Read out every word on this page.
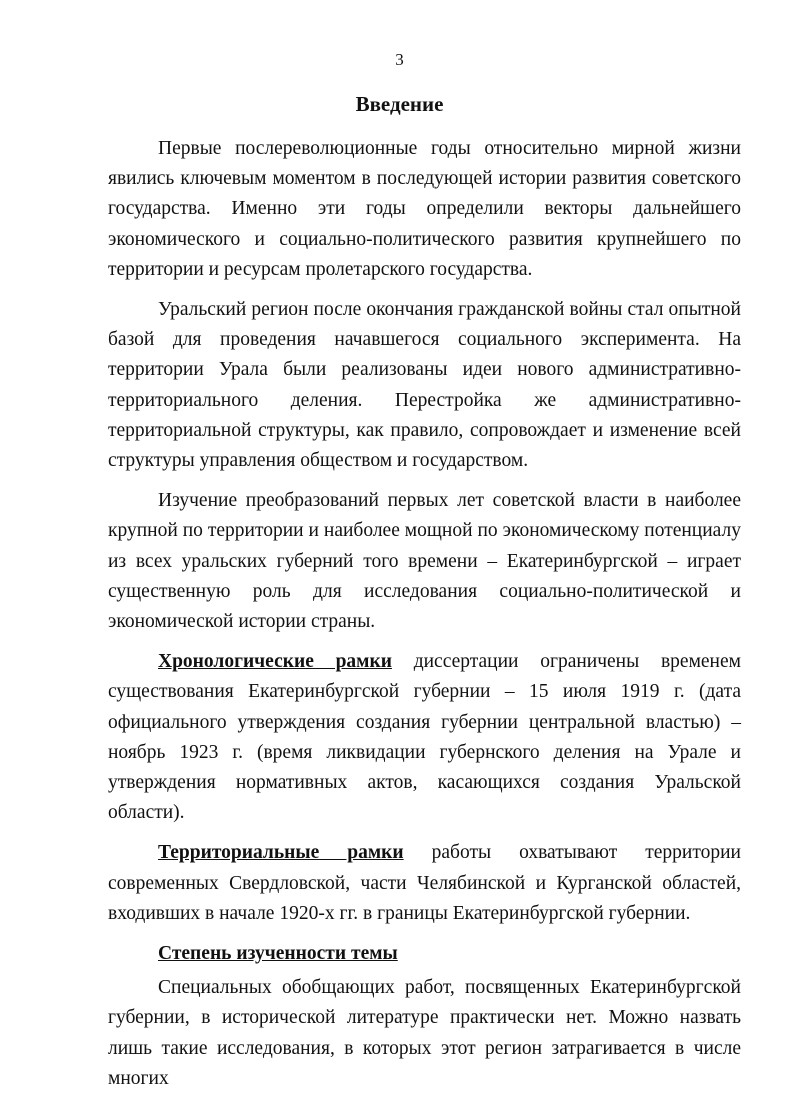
3
Введение

Первые послереволюционные годы относительно мирной жизни явились ключевым моментом в последующей истории развития советского государства. Именно эти годы определили векторы дальнейшего экономического и социально-политического развития крупнейшего по территории и ресурсам пролетарского государства.

Уральский регион после окончания гражданской войны стал опытной базой для проведения начавшегося социального эксперимента. На территории Урала были реализованы идеи нового административно-территориального деления. Перестройка же административно-территориальной структуры, как правило, сопровождает и изменение всей структуры управления обществом и государством.

Изучение преобразований первых лет советской власти в наиболее крупной по территории и наиболее мощной по экономическому потенциалу из всех уральских губерний того времени – Екатеринбургской – играет существенную роль для исследования социально-политической и экономической истории страны.

Хронологические рамки диссертации ограничены временем существования Екатеринбургской губернии – 15 июля 1919 г. (дата официального утверждения создания губернии центральной властью) – ноябрь 1923 г. (время ликвидации губернского деления на Урале и утверждения нормативных актов, касающихся создания Уральской области).

Территориальные рамки работы охватывают территории современных Свердловской, части Челябинской и Курганской областей, входивших в начале 1920-х гг. в границы Екатеринбургской губернии.

Степень изученности темы

Специальных обобщающих работ, посвященных Екатеринбургской губернии, в исторической литературе практически нет. Можно назвать лишь такие исследования, в которых этот регион затрагивается в числе многих
